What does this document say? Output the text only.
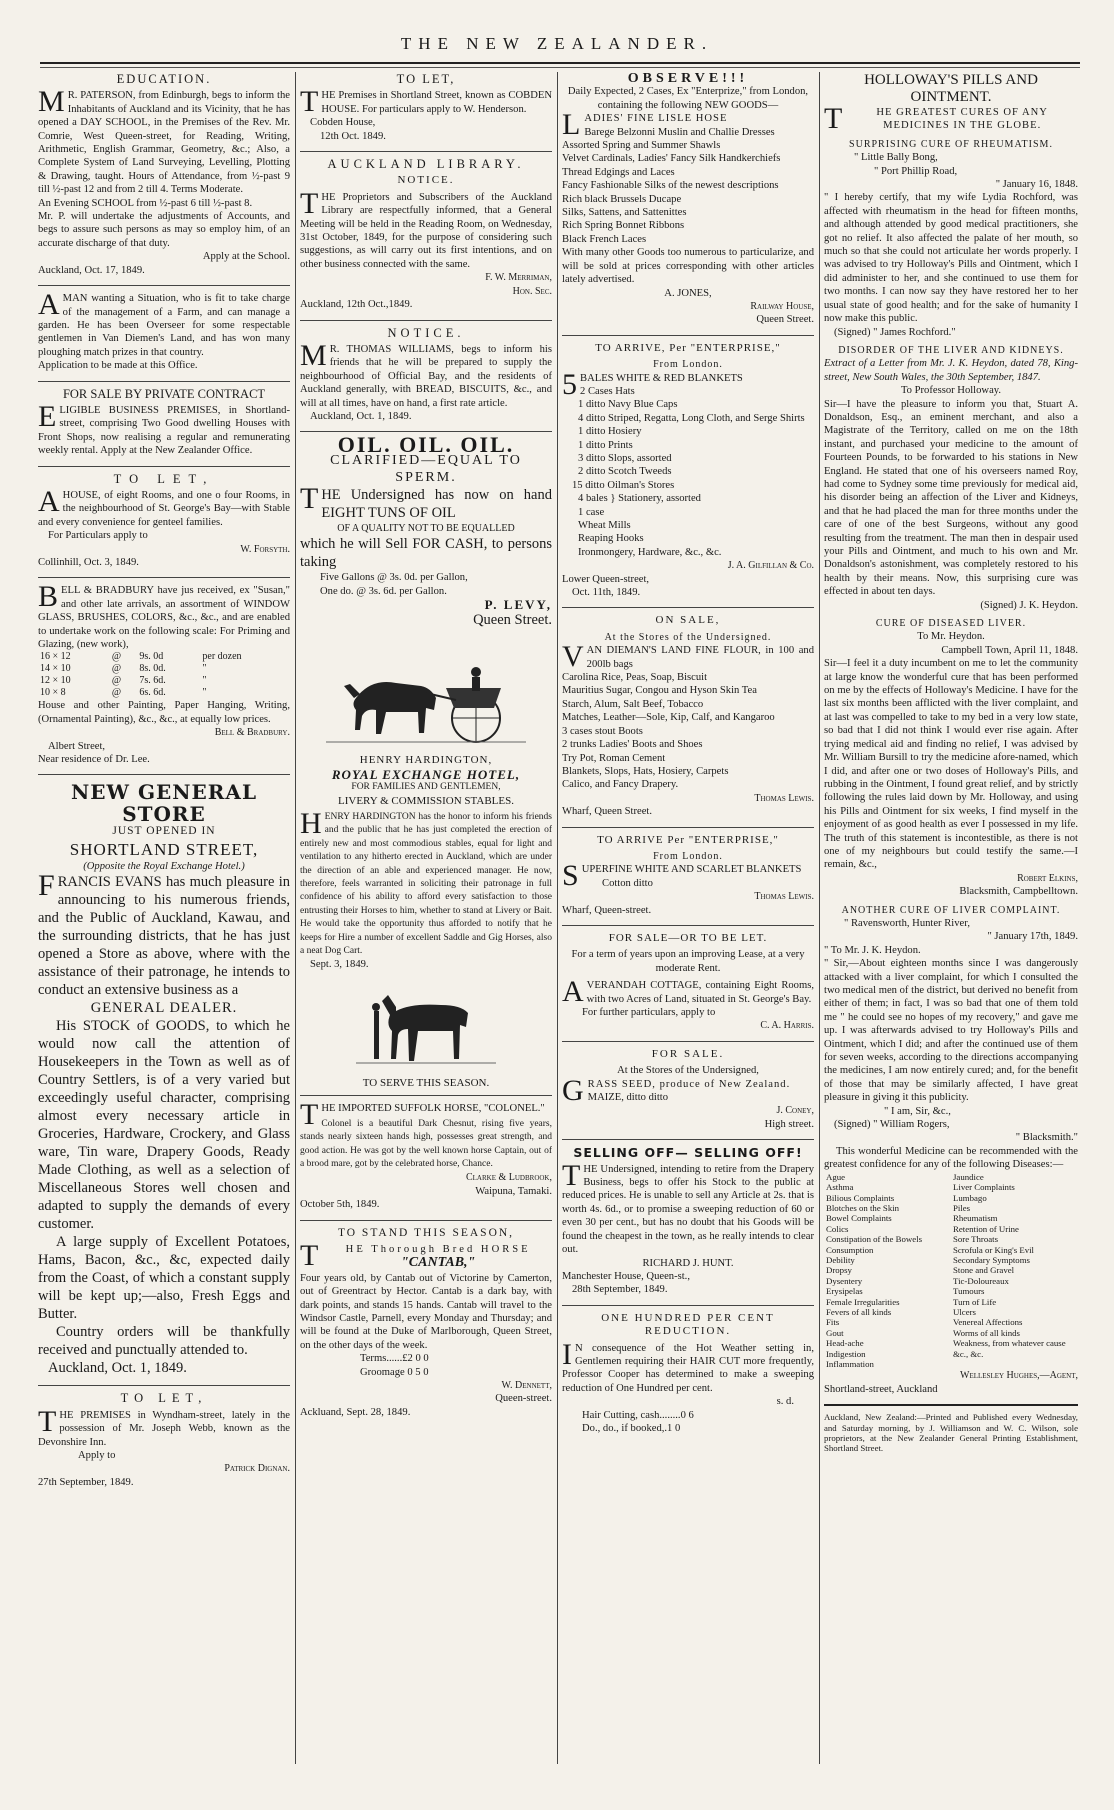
THE NEW ZEALANDER.
EDUCATION.

MR. PATERSON, from Edinburgh, begs to inform the Inhabitants of Auckland and its Vicinity, that he has opened a DAY SCHOOL, in the Premises of the Rev. Mr. Comrie, West Queen-street, for Reading, Writing, Arithmetic, English Grammar, Geometry, &c.; Also, a Complete System of Land Surveying, Levelling, Plotting & Drawing, taught. Hours of Attendance, from ½-past 9 till ½-past 12 and from 2 till 4. Terms Moderate.

An Evening SCHOOL from ½-past 6 till ½-past 8.

Mr. P. will undertake the adjustments of Accounts, and begs to assure such persons as may so employ him, of an accurate discharge of that duty.

Apply at the School.
Auckland, Oct. 17, 1849.

AMAN wanting a Situation, who is fit to take charge of the management of a Farm, and can manage a garden. He has been Overseer for some respectable gentlemen in Van Diemen's Land, and has won many ploughing match prizes in that country.

Application to be made at this Office.

FOR SALE BY PRIVATE CONTRACT

ELIGIBLE BUSINESS PREMISES, in Shortland-street, comprising Two Good dwelling Houses with Front Shops, now realising a regular and remunerating weekly rental. Apply at the New Zealander Office.

TO LET,

AHOUSE, of eight Rooms, and one o four Rooms, in the neighbourhood of St. George's Bay—with Stable and every convenience for genteel families.

For Particulars apply to
W. Forsyth.
Collinhill, Oct. 3, 1849.

BELL & BRADBURY have jus received, ex "Susan," and other late arrivals, an assortment of WINDOW GLASS, BRUSHES, COLORS, &c., &c., and are enabled to undertake work on the following scale: For Priming and Glazing, (new work),

16 × 12	@	9s. 0d	per dozen
14 × 10	@	8s. 0d.	"
12 × 10	@	7s. 6d.	"
10 × 8	@	6s. 6d.	"

House and other Painting, Paper Hanging, Writing, (Ornamental Painting), &c., &c., at equally low prices.

Bell & Bradbury.
Albert Street,
Near residence of Dr. Lee.
NEW GENERAL STORE
JUST OPENED IN
SHORTLAND STREET,
(Opposite the Royal Exchange Hotel.)

FRANCIS EVANS has much pleasure in announcing to his numerous friends, and the Public of Auckland, Kawau, and the surrounding districts, that he has just opened a Store as above, where with the assistance of their patronage, he intends to conduct an extensive business as a

GENERAL DEALER.

His STOCK of GOODS, to which he would now call the attention of Housekeepers in the Town as well as of Country Settlers, is of a very varied but exceedingly useful character, comprising almost every necessary article in Groceries, Hardware, Crockery, and Glass ware, Tin ware, Drapery Goods, Ready Made Clothing, as well as a selection of Miscellaneous Stores well chosen and adapted to supply the demands of every customer.

A large supply of Excellent Potatoes, Hams, Bacon, &c., &c, expected daily from the Coast, of which a constant supply will be kept up;—also, Fresh Eggs and Butter.

Country orders will be thankfully received and punctually attended to.

Auckland, Oct. 1, 1849.
TO LET,

THE PREMISES in Wyndham-street, lately in the possession of Mr. Joseph Webb, known as the Devonshire Inn.

Apply to
Patrick Dignan.
27th September, 1849.
TO LET,

THE Premises in Shortland Street, known as COBDEN HOUSE. For particulars apply to W. Henderson.

Cobden House,
12th Oct. 1849.
AUCKLAND LIBRARY.
NOTICE.

THE Proprietors and Subscribers of the Auckland Library are respectfully informed, that a General Meeting will be held in the Reading Room, on Wednesday, 31st October, 1849, for the purpose of considering such suggestions, as will carry out its first intentions, and on other business connected with the same.

F. W. Merriman,
Hon. Sec.
Auckland, 12th Oct.,1849.
NOTICE.

MR. THOMAS WILLIAMS, begs to inform his friends that he will be prepared to supply the neighbourhood of Official Bay, and the residents of Auckland generally, with BREAD, BISCUITS, &c., and will at all times, have on hand, a first rate article.

Auckland, Oct. 1, 1849.
OIL. OIL. OIL.
CLARIFIED—EQUAL TO SPERM.

THE Undersigned has now on hand EIGHT TUNS OF OIL

OF A QUALITY NOT TO BE EQUALLED

which he will Sell FOR CASH, to persons taking

Five Gallons @ 3s. 0d. per Gallon,
One do. @ 3s. 6d. per Gallon.
P. LEVY,
Queen Street.
HENRY HARDINGTON,
ROYAL EXCHANGE HOTEL,
FOR FAMILIES AND GENTLEMEN,
LIVERY & COMMISSION STABLES.

HENRY HARDINGTON has the honor to inform his friends and the public that he has just completed the erection of entirely new and most commodious stables, equal for light and ventilation to any hitherto erected in Auckland, which are under the direction of an able and experienced manager. He now, therefore, feels warranted in soliciting their patronage in full confidence of his ability to afford every satisfaction to those entrusting their Horses to him, whether to stand at Livery or Bait. He would take the opportunity thus afforded to notify that he keeps for Hire a number of excellent Saddle and Gig Horses, also a neat Dog Cart.

Sept. 3, 1849.
TO SERVE THIS SEASON.

THE IMPORTED SUFFOLK HORSE, "COLONEL."

Colonel is a beautiful Dark Chesnut, rising five years, stands nearly sixteen hands high, possesses great strength, and good action. He was got by the well known horse Captain, out of a brood mare, got by the celebrated horse, Chance.

Clarke & Ludbrook,
Waipuna, Tamaki.
October 5th, 1849.
TO STAND THIS SEASON,
THE Thorough Bred HORSE
"CANTAB,"

Four years old, by Cantab out of Victorine by Camerton, out of Greentract by Hector. Cantab is a dark bay, with dark points, and stands 15 hands. Cantab will travel to the Windsor Castle, Parnell, every Monday and Thursday; and will be found at the Duke of Marlborough, Queen Street, on the other days of the week.

Terms......£2 0 0
Groomage 0 5 0
W. Dennett,
Queen-street.
Ackluand, Sept. 28, 1849.
OBSERVE!!!
Daily Expected, 2 Cases, Ex "Enterprize," from London, containing the following NEW GOODS—
LADIES' FINE LISLE HOSE
Barege Belzonni Muslin and Challie Dresses
Assorted Spring and Summer Shawls
Velvet Cardinals, Ladies' Fancy Silk Handkerchiefs
Thread Edgings and Laces
Fancy Fashionable Silks of the newest descriptions
Rich black Brussels Ducape
Silks, Sattens, and Sattenittes
Rich Spring Bonnet Ribbons
Black French Laces

With many other Goods too numerous to particularize, and will be sold at prices corresponding with other articles lately advertised.

A. JONES,
Railway House,
Queen Street.
TO ARRIVE, Per "ENTERPRISE,"
From London.
5BALES WHITE & RED BLANKETS
2 Cases Hats
1 ditto Navy Blue Caps
4 ditto Striped, Regatta, Long Cloth, and Serge Shirts
1 ditto Hosiery
1 ditto Prints
3 ditto Slops, assorted
2 ditto Scotch Tweeds
15 ditto Oilman's Stores
4 bales } Stationery, assorted
1 case
Wheat Mills
Reaping Hooks
Ironmongery, Hardware, &c., &c.
J. A. Gilfillan & Co.
Lower Queen-street,
Oct. 11th, 1849.
ON SALE,
At the Stores of the Undersigned.

VAN DIEMAN'S LAND FINE FLOUR, in 100 and 200lb bags

Carolina Rice, Peas, Soap, Biscuit
Mauritius Sugar, Congou and Hyson Skin Tea
Starch, Alum, Salt Beef, Tobacco
Matches, Leather—Sole, Kip, Calf, and Kangaroo
3 cases stout Boots
2 trunks Ladies' Boots and Shoes
Try Pot, Roman Cement
Blankets, Slops, Hats, Hosiery, Carpets
Calico, and Fancy Drapery.
Thomas Lewis.
Wharf, Queen Street.
TO ARRIVE Per "ENTERPRISE,"
From London.

SUPERFINE WHITE AND SCARLET BLANKETS

Cotton ditto
Thomas Lewis.
Wharf, Queen-street.
FOR SALE—OR TO BE LET.
For a term of years upon an improving Lease, at a very moderate Rent.

AVERANDAH COTTAGE, containing Eight Rooms, with two Acres of Land, situated in St. George's Bay.

For further particulars, apply to
C. A. Harris.
FOR SALE.
At the Stores of the Undersigned,

GRASS SEED, produce of New Zealand.

MAIZE, ditto ditto
J. Coney,
High street.
SELLING OFF— SELLING OFF!

THE Undersigned, intending to retire from the Drapery Business, begs to offer his Stock to the public at reduced prices. He is unable to sell any Article at 2s. that is worth 4s. 6d., or to promise a sweeping reduction of 60 or even 30 per cent., but has no doubt that his Goods will be found the cheapest in the town, as he really intends to clear out.

RICHARD J. HUNT.
Manchester House, Queen-st.,
28th September, 1849.
ONE HUNDRED PER CENT REDUCTION.

IN consequence of the Hot Weather setting in, Gentlemen requiring their HAIR CUT more frequently, Professor Cooper has determined to make a sweeping reduction of One Hundred per cent.

s. d.
Hair Cutting, cash........0 6
Do., do., if booked,.1 0
HOLLOWAY'S PILLS AND OINTMENT.

THE GREATEST CURES OF ANY MEDICINES IN THE GLOBE.

SURPRISING CURE OF RHEUMATISM.
" Little Bally Bong,
" Port Phillip Road,
" January 16, 1848.

" I hereby certify, that my wife Lydia Rochford, was affected with rheumatism in the head for fifteen months, and although attended by good medical practitioners, she got no relief. It also affected the palate of her mouth, so much so that she could not articulate her words properly. I was advised to try Holloway's Pills and Ointment, which I did administer to her, and she continued to use them for two months. I can now say they have restored her to her usual state of good health; and for the sake of humanity I now make this public.

(Signed) " James Rochford."
DISORDER OF THE LIVER AND KIDNEYS.

Extract of a Letter from Mr. J. K. Heydon, dated 78, King-street, New South Wales, the 30th September, 1847.

To Professor Holloway.

Sir—I have the pleasure to inform you that, Stuart A. Donaldson, Esq., an eminent merchant, and also a Magistrate of the Territory, called on me on the 18th instant, and purchased your medicine to the amount of Fourteen Pounds, to be forwarded to his stations in New England. He stated that one of his overseers named Roy, had come to Sydney some time previously for medical aid, his disorder being an affection of the Liver and Kidneys, and that he had placed the man for three months under the care of one of the best Surgeons, without any good resulting from the treatment. The man then in despair used your Pills and Ointment, and much to his own and Mr. Donaldson's astonishment, was completely restored to his health by their means. Now, this surprising cure was effected in about ten days.

(Signed) J. K. Heydon.
CURE OF DISEASED LIVER.
To Mr. Heydon.
Campbell Town, April 11, 1848.

Sir—I feel it a duty incumbent on me to let the community at large know the wonderful cure that has been performed on me by the effects of Holloway's Medicine. I have for the last six months been afflicted with the liver complaint, and at last was compelled to take to my bed in a very low state, so bad that I did not think I would ever rise again. After trying medical aid and finding no relief, I was advised by Mr. William Bursill to try the medicine afore-named, which I did, and after one or two doses of Holloway's Pills, and rubbing in the Ointment, I found great relief, and by strictly following the rules laid down by Mr. Holloway, and using his Pills and Ointment for six weeks, I find myself in the enjoyment of as good health as ever I possessed in my life. The truth of this statement is incontestible, as there is not one of my neighbours but could testify the same.—I remain, &c.,

Robert Elkins,
Blacksmith, Campbelltown.
ANOTHER CURE OF LIVER COMPLAINT.
" Ravensworth, Hunter River,
" January 17th, 1849.
" To Mr. J. K. Heydon.

" Sir,—About eighteen months since I was dangerously attacked with a liver complaint, for which I consulted the two medical men of the district, but derived no benefit from either of them; in fact, I was so bad that one of them told me " he could see no hopes of my recovery," and gave me up. I was afterwards advised to try Holloway's Pills and Ointment, which I did; and after the continued use of them for seven weeks, according to the directions accompanying the medicines, I am now entirely cured; and, for the benefit of those that may be similarly affected, I have great pleasure in giving it this publicity.

" I am, Sir, &c.,
(Signed) " William Rogers,
" Blacksmith."

This wonderful Medicine can be recommended with the greatest confidence for any of the following Diseases:—

Ague
Asthma
Bilious Complaints
Blotches on the Skin
Bowel Complaints
Colics
Constipation of the Bowels
Consumption
Debility
Dropsy
Dysentery
Erysipelas
Female Irregularities
Fevers of all kinds
Fits
Gout
Head-ache
Indigestion
Inflammation

Jaundice
Liver Complaints
Lumbago
Piles
Rheumatism
Retention of Urine
Sore Throats
Scrofula or King's Evil
Secondary Symptoms
Stone and Gravel
Tic-Doloureaux
Tumours
Turn of Life
Ulcers
Venereal Affections
Worms of all kinds
Weakness, from whatever cause
&c., &c.
Wellesley Hughes,—Agent,
Shortland-street, Auckland

Auckland, New Zealand:—Printed and Published every Wednesday, and Saturday morning, by J. Williamson and W. C. Wilson, sole proprietors, at the New Zealander General Printing Establishment, Shortland Street.
